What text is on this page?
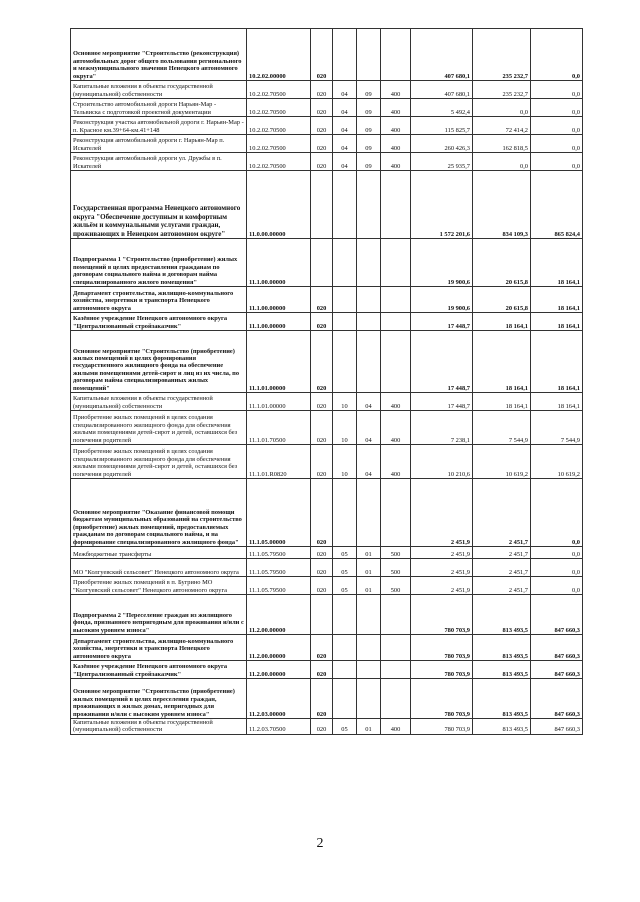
Основное мероприятие "Строительство (реконструкция) автомобильных дорог общего пользования регионального и межмуниципального значения Ненецкого автономного округа"	10.2.02.00000	020				407 680,1	235 232,7	0,0
Капитальные вложения в объекты государственной (муниципальной) собственности	10.2.02.70500	020	04	09	400	407 680,1	235 232,7	0,0
Строительство автомобильной дороги Нарьян-Мар - Тельвиска с подготовкой проектной документации	10.2.02.70500	020	04	09	400	5 492,4	0,0	0,0
Реконструкция участка автомобильной дороги г. Нарьян-Мар - п. Красное км.39+64-км.41+148	10.2.02.70500	020	04	09	400	115 825,7	72 414,2	0,0
Реконструкция автомобильной дороги г. Нарьян-Мар п. Искателей	10.2.02.70500	020	04	09	400	260 426,3	162 818,5	0,0
Реконструкция автомобильной дороги ул. Дружбы в п. Искателей	10.2.02.70500	020	04	09	400	25 935,7	0,0	0,0
Государственная программа Ненецкого автономного округа "Обеспечение доступным и комфортным жильём и коммунальными услугами граждан, проживающих в Ненецком автономном округе"	11.0.00.00000					1 572 201,6	834 109,3	865 824,4
Подпрограмма 1 "Строительство (приобретение) жилых помещений в целях предоставления гражданам по договорам социального найма и договорам найма специализированного жилого помещения"	11.1.00.00000					19 900,6	20 615,8	18 164,1
Департамент строительства, жилищно-коммунального хозяйства, энергетики и транспорта Ненецкого автономного округа	11.1.00.00000	020				19 900,6	20 615,8	18 164,1
Казённое учреждение Ненецкого автономного округа "Централизованный стройзаказчик"	11.1.00.00000	020				17 448,7	18 164,1	18 164,1
Основное мероприятие "Строительство (приобретение) жилых помещений в целях формирования государственного жилищного фонда на обеспечение жилыми помещениями детей-сирот и лиц из их числа, по договорам найма специализированных жилых помещений"	11.1.01.00000	020				17 448,7	18 164,1	18 164,1
Капитальные вложения в объекты государственной (муниципальной) собственности	11.1.01.00000	020	10	04	400	17 448,7	18 164,1	18 164,1
Приобретение жилых помещений в целях создания специализированного жилищного фонда для обеспечения жилыми помещениями детей-сирот и детей, оставшихся без попечения родителей	11.1.01.70500	020	10	04	400	7 238,1	7 544,9	7 544,9
Приобретение жилых помещений в целях создания специализированного жилищного фонда для обеспечения жилыми помещениями детей-сирот и детей, оставшихся без попечения родителей	11.1.01.R0820	020	10	04	400	10 210,6	10 619,2	10 619,2
Основное мероприятие "Оказание финансовой помощи бюджетам муниципальных образований на строительство (приобретение) жилых помещений, предоставляемых гражданам по договорам социального найма, и на формирование специализированного жилищного фонда"	11.1.05.00000	020				2 451,9	2 451,7	0,0
Межбюджетные трансферты	11.1.05.79500	020	05	01	500	2 451,9	2 451,7	0,0
МО "Колгуевский сельсовет" Ненецкого автономного округа	11.1.05.79500	020	05	01	500	2 451,9	2 451,7	0,0
Приобретение жилых помещений в п. Бугрино МО "Колгуевский сельсовет" Ненецкого автономного округа	11.1.05.79500	020	05	01	500	2 451,9	2 451,7	0,0
Подпрограмма 2 "Переселение граждан из жилищного фонда, признанного непригодным для проживания и/или с высоким уровнем износа"	11.2.00.00000					780 703,9	813 493,5	847 660,3
Департамент строительства, жилищно-коммунального хозяйства, энергетики и транспорта Ненецкого автономного округа	11.2.00.00000	020				780 703,9	813 493,5	847 660,3
Казённое учреждение Ненецкого автономного округа "Централизованный стройзаказчик"	11.2.00.00000	020				780 703,9	813 493,5	847 660,3
Основное мероприятие "Строительство (приобретение) жилых помещений в целях переселения граждан, проживающих в жилых домах, непригодных для проживания и/или с высоким уровнем износа"	11.2.03.00000	020				780 703,9	813 493,5	847 660,3
Капитальные вложения в объекты государственной (муниципальной) собственности	11.2.03.70500	020	05	01	400	780 703,9	813 493,5	847 660,3
2
